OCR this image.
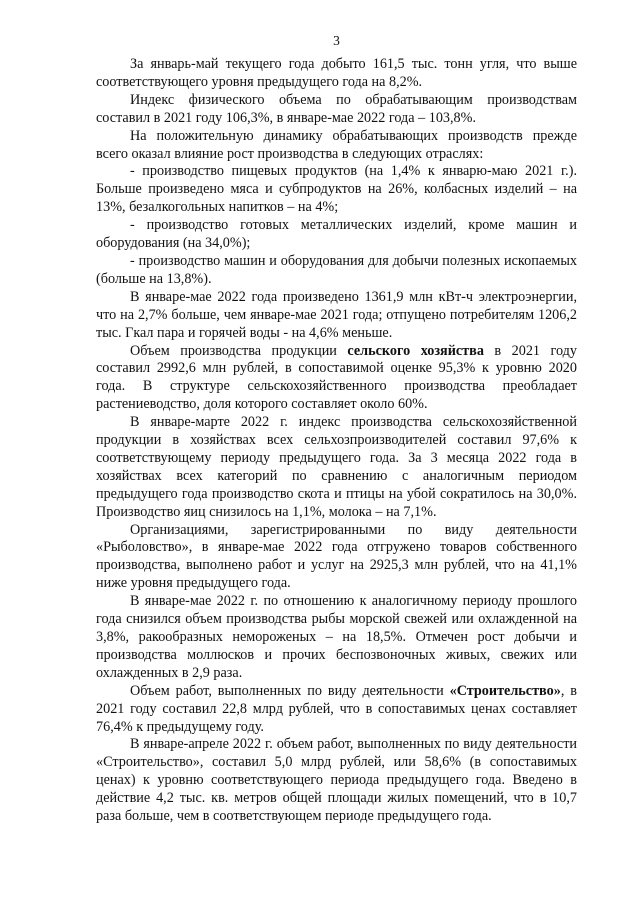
3

За январь-май текущего года добыто 161,5 тыс. тонн угля, что выше соответствующего уровня предыдущего года на 8,2%.

Индекс физического объема по обрабатывающим производствам составил в 2021 году 106,3%, в январе-мае 2022 года – 103,8%.

На положительную динамику обрабатывающих производств прежде всего оказал влияние рост производства в следующих отраслях:

- производство пищевых продуктов (на 1,4% к январю-маю 2021 г.). Больше произведено мяса и субпродуктов на 26%, колбасных изделий – на 13%, безалкогольных напитков – на 4%;

- производство готовых металлических изделий, кроме машин и оборудования (на 34,0%);

- производство машин и оборудования для добычи полезных ископаемых (больше на 13,8%).

В январе-мае 2022 года произведено 1361,9 млн кВт-ч электроэнергии, что на 2,7% больше, чем январе-мае 2021 года; отпущено потребителям 1206,2 тыс. Гкал пара и горячей воды - на 4,6% меньше.

Объем производства продукции сельского хозяйства в 2021 году составил 2992,6 млн рублей, в сопоставимой оценке 95,3% к уровню 2020 года. В структуре сельскохозяйственного производства преобладает растениеводство, доля которого составляет около 60%.

В январе-марте 2022 г. индекс производства сельскохозяйственной продукции в хозяйствах всех сельхозпроизводителей составил 97,6% к соответствующему периоду предыдущего года. За 3 месяца 2022 года в хозяйствах всех категорий по сравнению с аналогичным периодом предыдущего года производство скота и птицы на убой сократилось на 30,0%. Производство яиц снизилось на 1,1%, молока – на 7,1%.

Организациями, зарегистрированными по виду деятельности «Рыболовство», в январе-мае 2022 года отгружено товаров собственного производства, выполнено работ и услуг на 2925,3 млн рублей, что на 41,1% ниже уровня предыдущего года.

В январе-мае 2022 г. по отношению к аналогичному периоду прошлого года снизился объем производства рыбы морской свежей или охлажденной на 3,8%, ракообразных немороженых – на 18,5%. Отмечен рост добычи и производства моллюсков и прочих беспозвоночных живых, свежих или охлажденных в 2,9 раза.

Объем работ, выполненных по виду деятельности «Строительство», в 2021 году составил 22,8 млрд рублей, что в сопоставимых ценах составляет 76,4% к предыдущему году.

В январе-апреле 2022 г. объем работ, выполненных по виду деятельности «Строительство», составил 5,0 млрд рублей, или 58,6% (в сопоставимых ценах) к уровню соответствующего периода предыдущего года. Введено в действие 4,2 тыс. кв. метров общей площади жилых помещений, что в 10,7 раза больше, чем в соответствующем периоде предыдущего года.
